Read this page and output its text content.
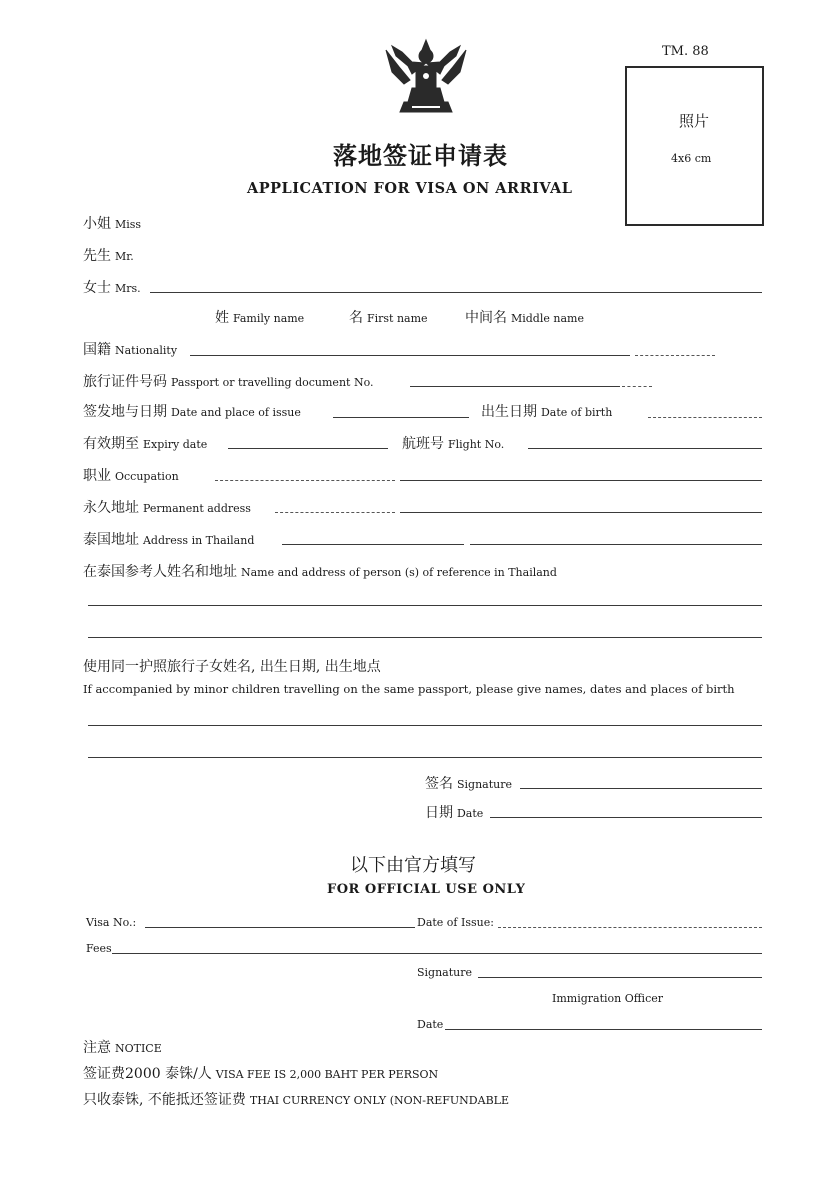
TM. 88
照片
4x6 cm
落地签证申请表
APPLICATION FOR VISA ON ARRIVAL
小姐 Miss
先生 Mr.
女士 Mrs.
姓 Family name	名 First name	中间名 Middle name
国籍 Nationality
旅行证件号码 Passport or travelling document No.
签发地与日期 Date and place of issue	出生日期 Date of birth
有效期至 Expiry date	航班号 Flight No.
职业 Occupation
永久地址 Permanent address
泰国地址 Address in Thailand
在泰国参考人姓名和地址 Name and address of person (s) of reference in Thailand
使用同一护照旅行子女姓名, 出生日期, 出生地点
If accompanied by minor children travelling on the same passport, please give names, dates and places of birth
签名 Signature
日期 Date
以下由官方填写
FOR OFFICIAL USE ONLY
Visa No.:	Date of Issue:
Fees
Signature
Immigration Officer
Date
注意 NOTICE
签证费2000 泰铢/人 VISA FEE IS 2,000 BAHT PER PERSON
只收泰铢, 不能抵还签证费 THAI CURRENCY ONLY (NON-REFUNDABLE
